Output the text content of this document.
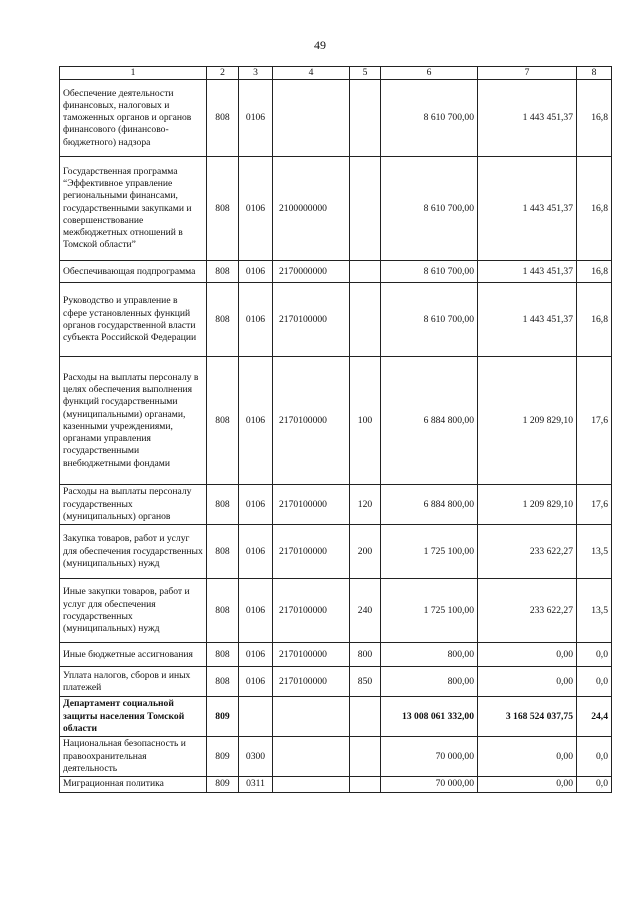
49
1	2	3	4	5	6	7	8
Обеспечение деятельности финансовых, налоговых и таможенных органов и органов финансового (финансово-бюджетного) надзора	808	0106			8 610 700,00	1 443 451,37	16,8
Государственная программа “Эффективное управление региональными финансами, государственными закупками и совершенствование межбюджетных отношений в Томской области”	808	0106	2100000000		8 610 700,00	1 443 451,37	16,8
Обеспечивающая подпрограмма	808	0106	2170000000		8 610 700,00	1 443 451,37	16,8
Руководство и управление в сфере установленных функций органов государственной власти субъекта Российской Федерации	808	0106	2170100000		8 610 700,00	1 443 451,37	16,8
Расходы на выплаты персоналу в целях обеспечения выполнения функций государственными (муниципальными) органами, казенными учреждениями, органами управления государственными внебюджетными фондами	808	0106	2170100000	100	6 884 800,00	1 209 829,10	17,6
Расходы на выплаты персоналу государственных (муниципальных) органов	808	0106	2170100000	120	6 884 800,00	1 209 829,10	17,6
Закупка товаров, работ и услуг для обеспечения государственных (муниципальных) нужд	808	0106	2170100000	200	1 725 100,00	233 622,27	13,5
Иные закупки товаров, работ и услуг для обеспечения государственных (муниципальных) нужд	808	0106	2170100000	240	1 725 100,00	233 622,27	13,5
Иные бюджетные ассигнования	808	0106	2170100000	800	800,00	0,00	0,0
Уплата налогов, сборов и иных платежей	808	0106	2170100000	850	800,00	0,00	0,0
Департамент социальной защиты населения Томской области	809				13 008 061 332,00	3 168 524 037,75	24,4
Национальная безопасность и правоохранительная деятельность	809	0300			70 000,00	0,00	0,0
Миграционная политика	809	0311			70 000,00	0,00	0,0
